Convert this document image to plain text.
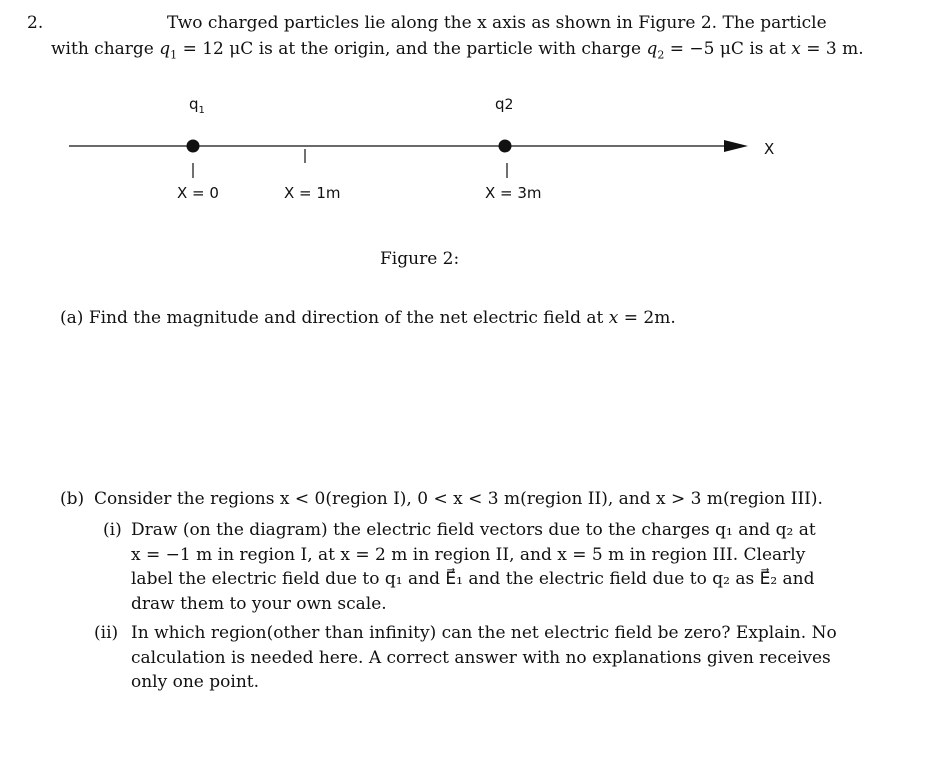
2.	Two charged particles lie along the x axis as shown in Figure 2. The particle
with charge $q_1 = 12$ μC is at the origin, and the particle with charge $q_2 = -5$ μC is at x = 3 m.
$q_1$	q2
X
X = 0	X = 1m	X = 3m
Figure 2:
(a) Find the magnitude and direction of the net electric field at x = 2m.
(b) Consider the regions x < 0(region I), 0 < x < 3 m(region II), and x > 3 m(region III).
(i) Draw (on the diagram) the electric field vectors due to the charges q₁ and q₂ at
x = −1 m in region I, at x = 2 m in region II, and x = 5 m in region III. Clearly
label the electric field due to q₁ and E⃗₁ and the electric field due to q₂ as E⃗₂ and
draw them to your own scale.
(ii) In which region(other than infinity) can the net electric field be zero? Explain. No
calculation is needed here. A correct answer with no explanations given receives
only one point.
